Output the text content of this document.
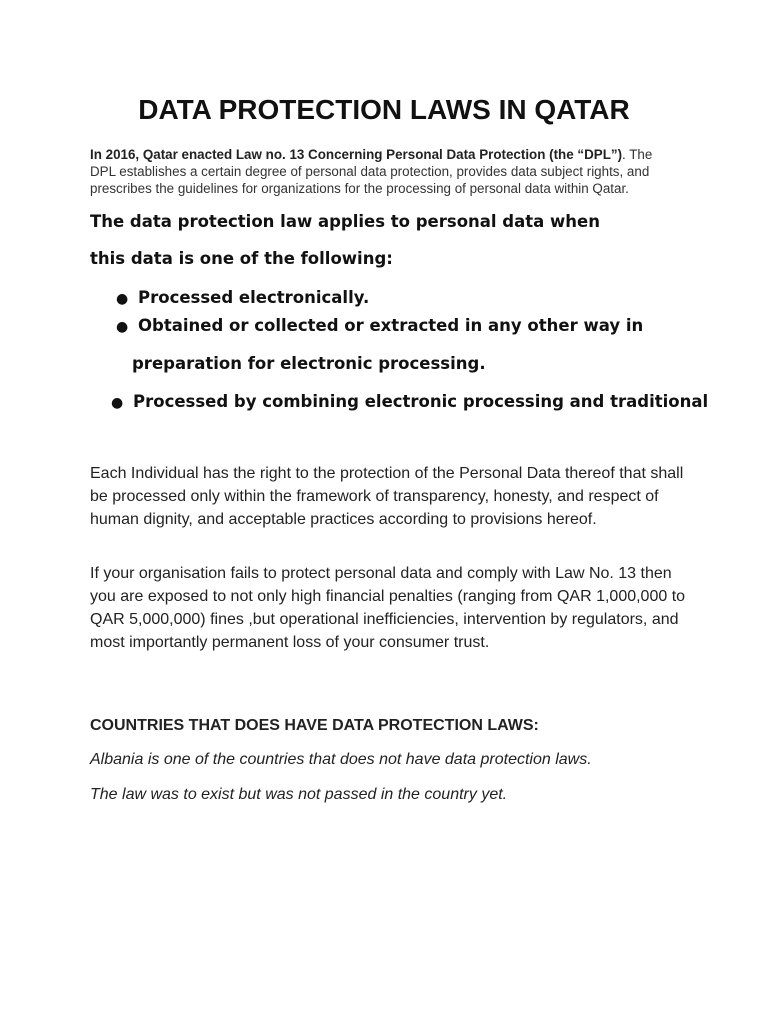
DATA PROTECTION LAWS IN QATAR
In 2016, Qatar enacted Law no. 13 Concerning Personal Data Protection (the “DPL”). The DPL establishes a certain degree of personal data protection, provides data subject rights, and prescribes the guidelines for organizations for the processing of personal data within Qatar.
The data protection law applies to personal data when
this data is one of the following:
● Processed electronically.
● Obtained or collected or extracted in any other way in
preparation for electronic processing.
● Processed by combining electronic processing and traditional
Each Individual has the right to the protection of the Personal Data thereof that shall be processed only within the framework of transparency, honesty, and respect of human dignity, and acceptable practices according to provisions hereof.
If your organisation fails to protect personal data and comply with Law No. 13 then you are exposed to not only high financial penalties (ranging from QAR 1,000,000 to QAR 5,000,000) fines ,but operational inefficiencies, intervention by regulators, and most importantly permanent loss of your consumer trust.
COUNTRIES THAT DOES HAVE DATA PROTECTION LAWS:
Albania is one of the countries that does not have data protection laws.
The law was to exist but was not passed in the country yet.
